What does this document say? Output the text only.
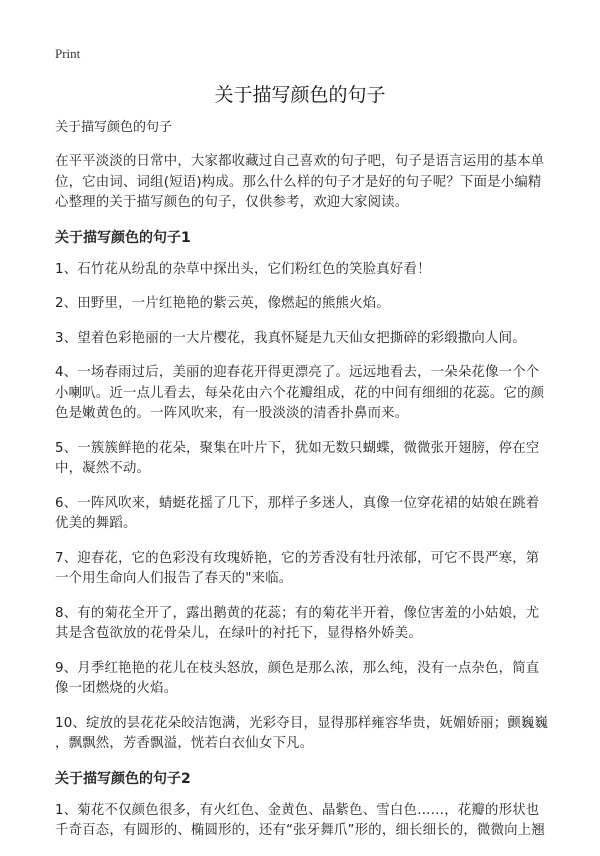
Print
关于描写颜色的句子
关于描写颜色的句子
在平平淡淡的日常中，大家都收藏过自己喜欢的句子吧，句子是语言运用的基本单
位，它由词、词组(短语)构成。那么什么样的句子才是好的句子呢？下面是小编精
心整理的关于描写颜色的句子，仅供参考，欢迎大家阅读。
关于描写颜色的句子1
1、石竹花从纷乱的杂草中探出头，它们粉红色的笑脸真好看！
2、田野里，一片红艳艳的紫云英，像燃起的熊熊火焰。
3、望着色彩艳丽的一大片樱花，我真怀疑是九天仙女把撕碎的彩缎撒向人间。
4、一场春雨过后，美丽的迎春花开得更漂亮了。远远地看去，一朵朵花像一个个
小喇叭。近一点儿看去，每朵花由六个花瓣组成，花的中间有细细的花蕊。它的颜
色是嫩黄色的。一阵风吹来，有一股淡淡的清香扑鼻而来。
5、一簇簇鲜艳的花朵，聚集在叶片下，犹如无数只蝴蝶，微微张开翅膀，停在空
中，凝然不动。
6、一阵风吹来，蜻蜓花摇了几下，那样子多迷人，真像一位穿花裙的姑娘在跳着
优美的舞蹈。
7、迎春花，它的色彩没有玫瑰娇艳，它的芳香没有牡丹浓郁，可它不畏严寒，第
一个用生命向人们报告了春天的"来临。
8、有的菊花全开了，露出鹅黄的花蕊；有的菊花半开着，像位害羞的小姑娘，尤
其是含苞欲放的花骨朵儿，在绿叶的衬托下，显得格外娇美。
9、月季红艳艳的花儿在枝头怒放，颜色是那么浓，那么纯，没有一点杂色，简直
像一团燃烧的火焰。
10、绽放的昙花花朵皎洁饱满，光彩夺目，显得那样雍容华贵，妩媚娇丽；颤巍巍
，飘飘然，芳香飘溢，恍若白衣仙女下凡。
关于描写颜色的句子2
1、菊花不仅颜色很多，有火红色、金黄色、晶紫色、雪白色……，花瓣的形状也
千奇百态，有圆形的、椭圆形的，还有“张牙舞爪”形的，细长细长的，微微向上翘
